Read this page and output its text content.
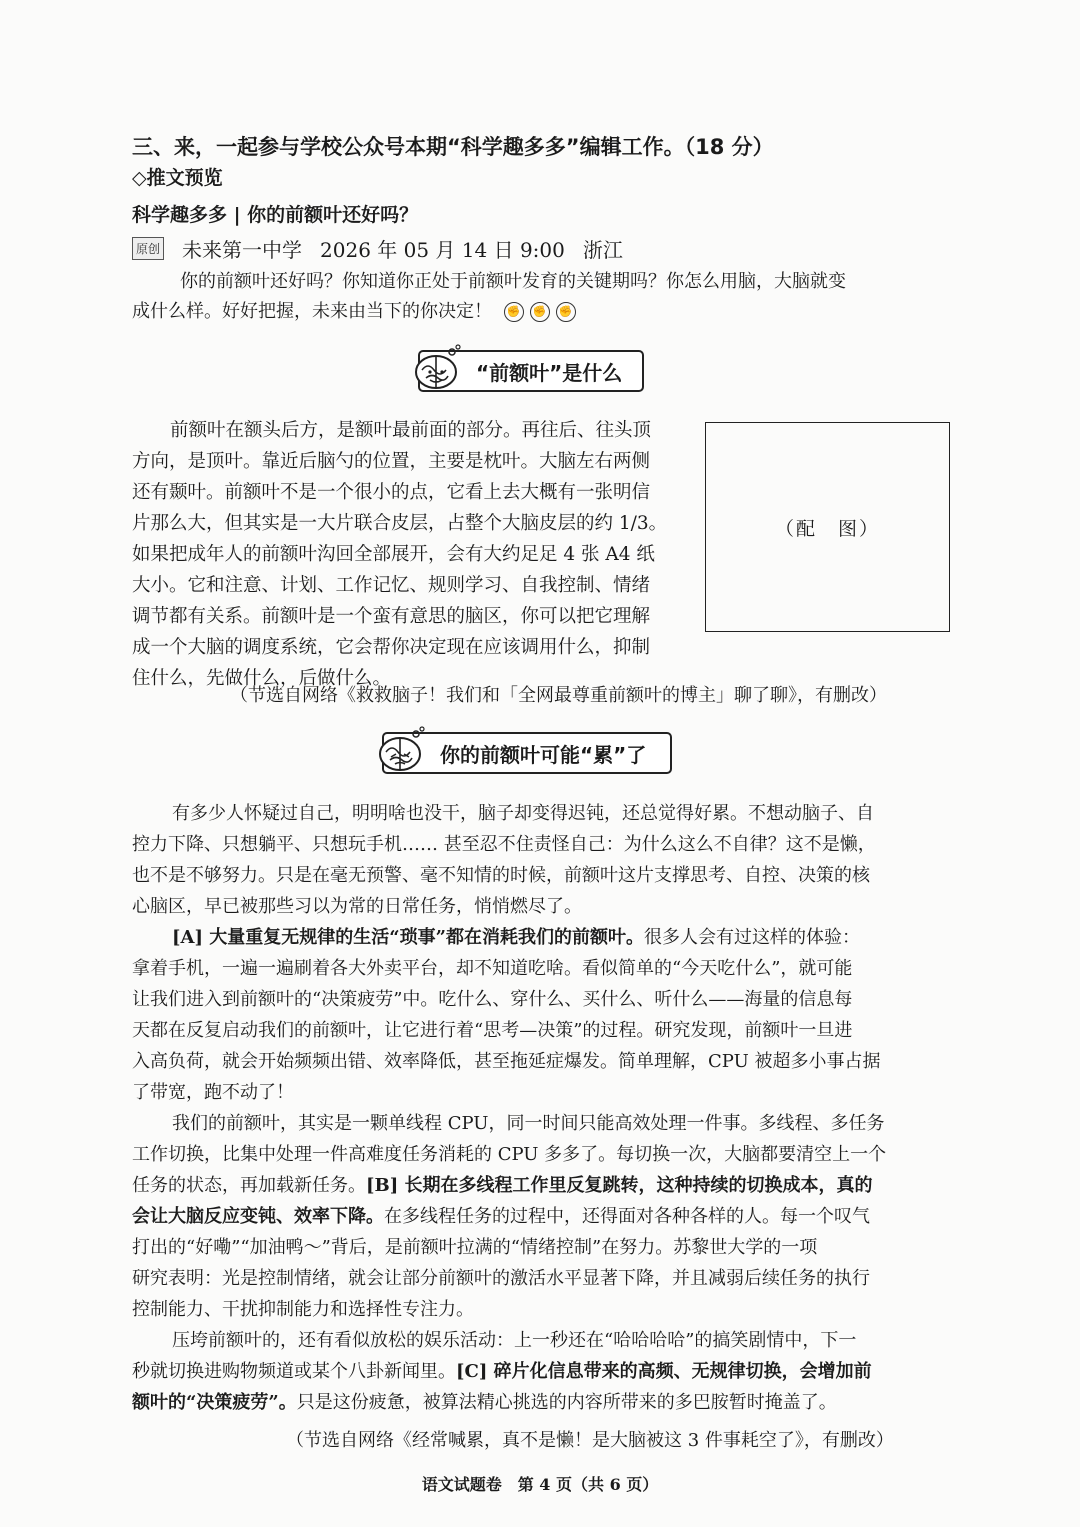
三、来，一起参与学校公众号本期“科学趣多多”编辑工作。（18 分）
◇推文预览
科学趣多多 | 你的前额叶还好吗？
原创 未来第一中学 2026 年 05 月 14 日 9:00 浙江
你的前额叶还好吗？你知道你正处于前额叶发育的关键期吗？你怎么用脑，大脑就变
成什么样。好好把握，未来由当下的你决定！ ✊ ✊ ✊
“前额叶”是什么
前额叶在额头后方，是额叶最前面的部分。再往后、往头顶
方向，是顶叶。靠近后脑勺的位置，主要是枕叶。大脑左右两侧
还有颞叶。前额叶不是一个很小的点，它看上去大概有一张明信
片那么大，但其实是一大片联合皮层，占整个大脑皮层的约 1/3。
如果把成年人的前额叶沟回全部展开，会有大约足足 4 张 A4 纸
大小。它和注意、计划、工作记忆、规则学习、自我控制、情绪
调节都有关系。前额叶是一个蛮有意思的脑区，你可以把它理解
成一个大脑的调度系统，它会帮你决定现在应该调用什么，抑制
住什么，先做什么，后做什么。
（配　图）
（节选自网络《救救脑子！我们和「全网最尊重前额叶的博主」聊了聊》，有删改）
你的前额叶可能“累”了
有多少人怀疑过自己，明明啥也没干，脑子却变得迟钝，还总觉得好累。不想动脑子、自
控力下降、只想躺平、只想玩手机…… 甚至忍不住责怪自己：为什么这么不自律？这不是懒，
也不是不够努力。只是在毫无预警、毫不知情的时候，前额叶这片支撑思考、自控、决策的核
心脑区，早已被那些习以为常的日常任务，悄悄燃尽了。
[A] 大量重复无规律的生活“琐事”都在消耗我们的前额叶。很多人会有过这样的体验：
拿着手机，一遍一遍刷着各大外卖平台，却不知道吃啥。看似简单的“今天吃什么”，就可能
让我们进入到前额叶的“决策疲劳”中。吃什么、穿什么、买什么、听什么——海量的信息每
天都在反复启动我们的前额叶，让它进行着“思考—决策”的过程。研究发现，前额叶一旦进
入高负荷，就会开始频频出错、效率降低，甚至拖延症爆发。简单理解，CPU 被超多小事占据
了带宽，跑不动了！
我们的前额叶，其实是一颗单线程 CPU，同一时间只能高效处理一件事。多线程、多任务
工作切换，比集中处理一件高难度任务消耗的 CPU 多多了。每切换一次，大脑都要清空上一个
任务的状态，再加载新任务。[B] 长期在多线程工作里反复跳转，这种持续的切换成本，真的
会让大脑反应变钝、效率下降。在多线程任务的过程中，还得面对各种各样的人。每一个叹气
打出的“好嘞”“加油鸭～”背后，是前额叶拉满的“情绪控制”在努力。苏黎世大学的一项
研究表明：光是控制情绪，就会让部分前额叶的激活水平显著下降，并且减弱后续任务的执行
控制能力、干扰抑制能力和选择性专注力。
压垮前额叶的，还有看似放松的娱乐活动：上一秒还在“哈哈哈哈”的搞笑剧情中，下一
秒就切换进购物频道或某个八卦新闻里。[C] 碎片化信息带来的高频、无规律切换，会增加前
额叶的“决策疲劳”。只是这份疲惫，被算法精心挑选的内容所带来的多巴胺暂时掩盖了。
（节选自网络《经常喊累，真不是懒！是大脑被这 3 件事耗空了》，有删改）
语文试题卷　第 4 页（共 6 页）
